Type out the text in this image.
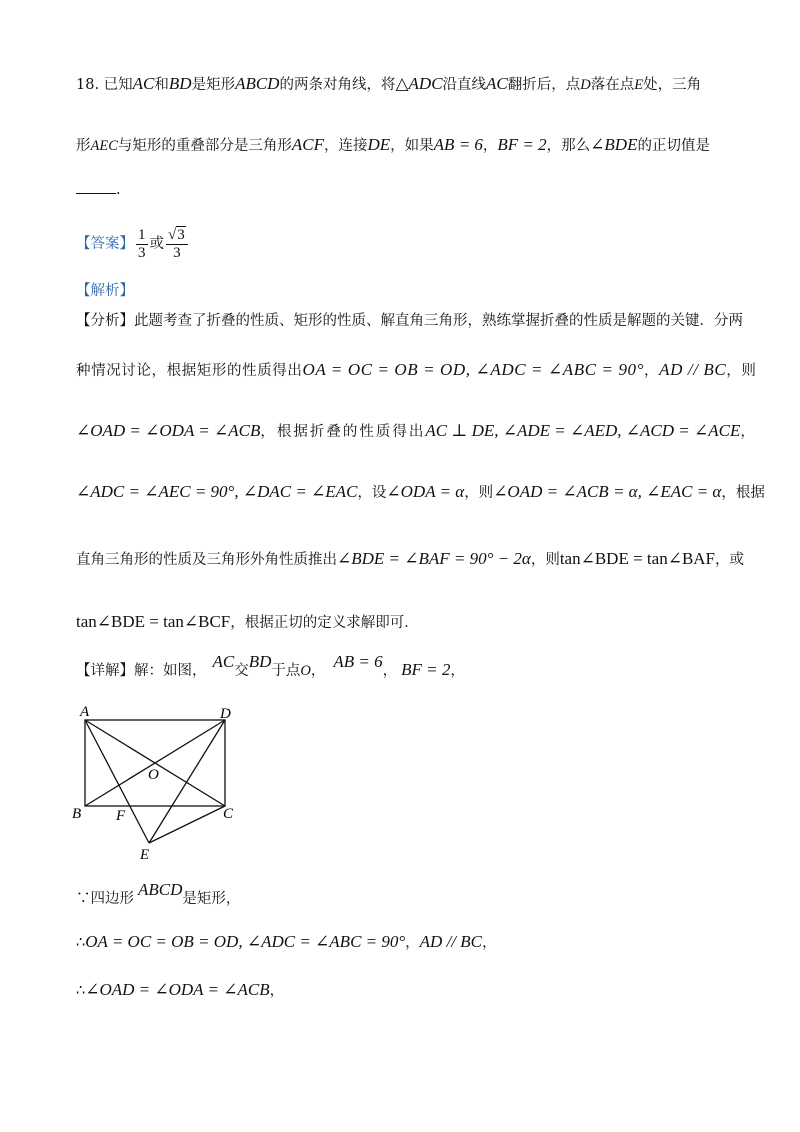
18. 已知AC和BD是矩形ABCD的两条对角线，将△ADC沿直线AC翻折后，点D落在点E处，三角
形AEC与矩形的重叠部分是三角形ACF，连接DE，如果AB = 6，BF = 2，那么∠BDE的正切值是
.
【答案】 $\frac{1}{3}$ 或 $\frac{√3}{3}$
【解析】
【分析】此题考查了折叠的性质、矩形的性质、解直角三角形，熟练掌握折叠的性质是解题的关键．分两
种情况讨论，根据矩形的性质得出OA = OC = OB = OD, ∠ADC = ∠ABC = 90°，AD // BC，则
∠OAD = ∠ODA = ∠ACB，根据折叠的性质得出AC ⊥ DE, ∠ADE = ∠AED, ∠ACD = ∠ACE，
∠ADC = ∠AEC = 90°, ∠DAC = ∠EAC，设∠ODA = α，则∠OAD = ∠ACB = α, ∠EAC = α，根据
直角三角形的性质及三角形外角性质推出∠BDE = ∠BAF = 90° − 2α，则tan∠BDE = tan∠BAF，或
tan∠BDE = tan∠BCF，根据正切的定义求解即可．
【详解】解：如图， AC交BD于点O， AB = 6， BF = 2，
A	D
O
B F	C
E
∵四边形 ABCD是矩形，
∴OA = OC = OB = OD, ∠ADC = ∠ABC = 90°，AD // BC，
∴∠OAD = ∠ODA = ∠ACB，
